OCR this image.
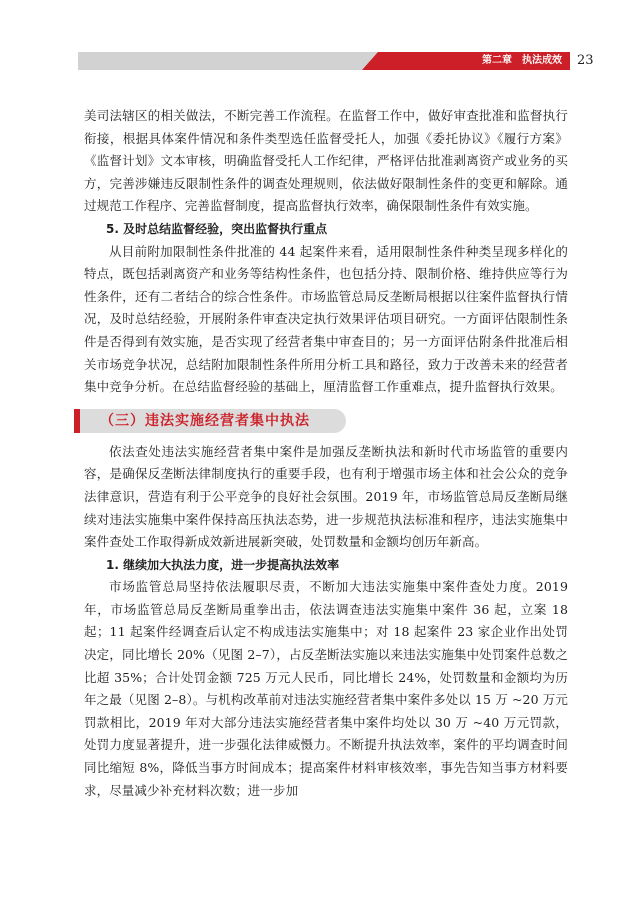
第二章　执法成效 23

美司法辖区的相关做法，不断完善工作流程。在监督工作中，做好审查批准和监督执行衔接，根据具体案件情况和条件类型选任监督受托人，加强《委托协议》《履行方案》《监督计划》文本审核，明确监督受托人工作纪律，严格评估批准剥离资产或业务的买方，完善涉嫌违反限制性条件的调查处理规则，依法做好限制性条件的变更和解除。通过规范工作程序、完善监督制度，提高监督执行效率，确保限制性条件有效实施。

5. 及时总结监督经验，突出监督执行重点

从目前附加限制性条件批准的 44 起案件来看，适用限制性条件种类呈现多样化的特点，既包括剥离资产和业务等结构性条件，也包括分持、限制价格、维持供应等行为性条件，还有二者结合的综合性条件。市场监管总局反垄断局根据以往案件监督执行情况，及时总结经验，开展附条件审查决定执行效果评估项目研究。一方面评估限制性条件是否得到有效实施，是否实现了经营者集中审查目的；另一方面评估附条件批准后相关市场竞争状况，总结附加限制性条件所用分析工具和路径，致力于改善未来的经营者集中竞争分析。在总结监督经验的基础上，厘清监督工作重难点，提升监督执行效果。

（三）违法实施经营者集中执法

依法查处违法实施经营者集中案件是加强反垄断执法和新时代市场监管的重要内容，是确保反垄断法律制度执行的重要手段，也有利于增强市场主体和社会公众的竞争法律意识，营造有利于公平竞争的良好社会氛围。2019 年，市场监管总局反垄断局继续对违法实施集中案件保持高压执法态势，进一步规范执法标准和程序，违法实施集中案件查处工作取得新成效新进展新突破，处罚数量和金额均创历年新高。

1. 继续加大执法力度，进一步提高执法效率

市场监管总局坚持依法履职尽责，不断加大违法实施集中案件查处力度。2019 年，市场监管总局反垄断局重拳出击，依法调查违法实施集中案件 36 起，立案 18 起；11 起案件经调查后认定不构成违法实施集中；对 18 起案件 23 家企业作出处罚决定，同比增长 20%（见图 2–7），占反垄断法实施以来违法实施集中处罚案件总数之比超 35%；合计处罚金额 725 万元人民币，同比增长 24%，处罚数量和金额均为历年之最（见图 2–8）。与机构改革前对违法实施经营者集中案件多处以 15 万 ~20 万元罚款相比，2019 年对大部分违法实施经营者集中案件均处以 30 万 ~40 万元罚款，处罚力度显著提升，进一步强化法律威慑力。不断提升执法效率，案件的平均调查时间同比缩短 8%，降低当事方时间成本；提高案件材料审核效率，事先告知当事方材料要求，尽量减少补充材料次数；进一步加
